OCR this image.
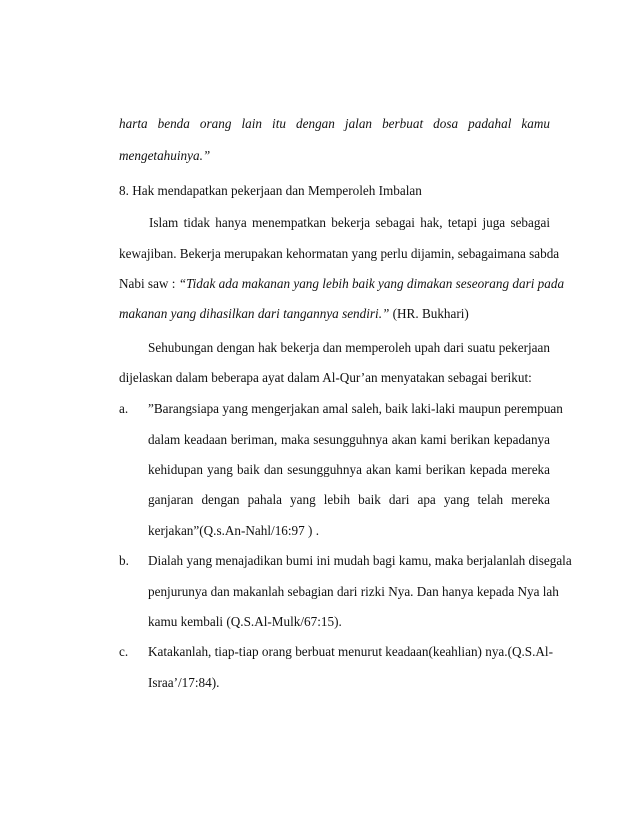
harta benda orang lain itu dengan jalan berbuat dosa padahal kamu
mengetahuinya.”
8. Hak mendapatkan pekerjaan dan Memperoleh Imbalan
Islam tidak hanya menempatkan bekerja sebagai hak, tetapi juga sebagai
kewajiban. Bekerja merupakan kehormatan yang perlu dijamin, sebagaimana sabda
Nabi saw : “Tidak ada makanan yang lebih baik yang dimakan seseorang dari pada
makanan yang dihasilkan dari tangannya sendiri.” (HR. Bukhari)
Sehubungan dengan hak bekerja dan memperoleh upah dari suatu pekerjaan
dijelaskan dalam beberapa ayat dalam Al-Qur’an menyatakan sebagai berikut:
a. ”Barangsiapa yang mengerjakan amal saleh, baik laki-laki maupun perempuan
dalam keadaan beriman, maka sesungguhnya akan kami berikan kepadanya
kehidupan yang baik dan sesungguhnya akan kami berikan kepada mereka
ganjaran dengan pahala yang lebih baik dari apa yang telah mereka
kerjakan”(Q.s.An-Nahl/16:97 ) .
b. Dialah yang menajadikan bumi ini mudah bagi kamu, maka berjalanlah disegala
penjurunya dan makanlah sebagian dari rizki Nya. Dan hanya kepada Nya lah
kamu kembali (Q.S.Al-Mulk/67:15).
c. Katakanlah, tiap-tiap orang berbuat menurut keadaan(keahlian) nya.(Q.S.Al-
Israa’/17:84).
